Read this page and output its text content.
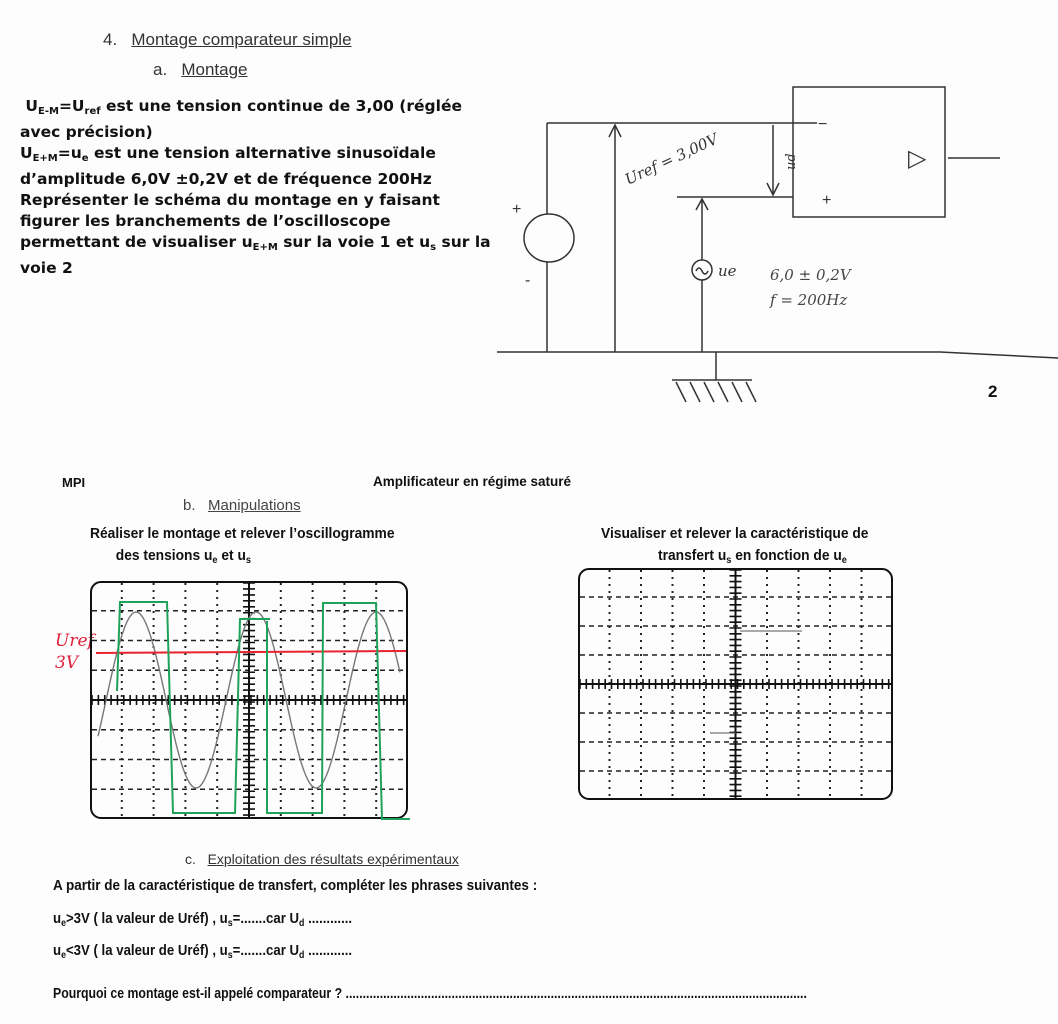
4. Montage comparateur simple
a. Montage
$U_{E-M}=U_{ref}$ est une tension continue de 3,00 (réglée
avec précision)
$U_{E+M}=u_e$ est une tension alternative sinusoïdale
d’amplitude 6,0V ±0,2V et de fréquence 200Hz
Représenter le schéma du montage en y faisant
figurer les branchements de l’oscilloscope
permettant de visualiser $u_{E+M}$ sur la voie 1 et $u_s$ sur la
voie 2
+
-
Uref = 3,00V	ud
−
+
▷
ue 6,0 ± 0,2V
f = 200Hz
2
MPI	Amplificateur en régime saturé
b. Manipulations
Réaliser le montage et relever l’oscillogramme
des tensions $u_e$ et $u_s$
Visualiser et relever la caractéristique de
transfert $u_s$ en fonction de $u_e$
Uref
3V
c. Exploitation des résultats expérimentaux
A partir de la caractéristique de transfert, compléter les phrases suivantes :
$u_e>3V$ ( la valeur de Uréf) , $u_s=.......car$ $U_d$ ............
$u_e<3V$ ( la valeur de Uréf) , $u_s=.......car$ $U_d$ ............
Pourquoi ce montage est-il appelé comparateur ? .......................................................................................................................................
